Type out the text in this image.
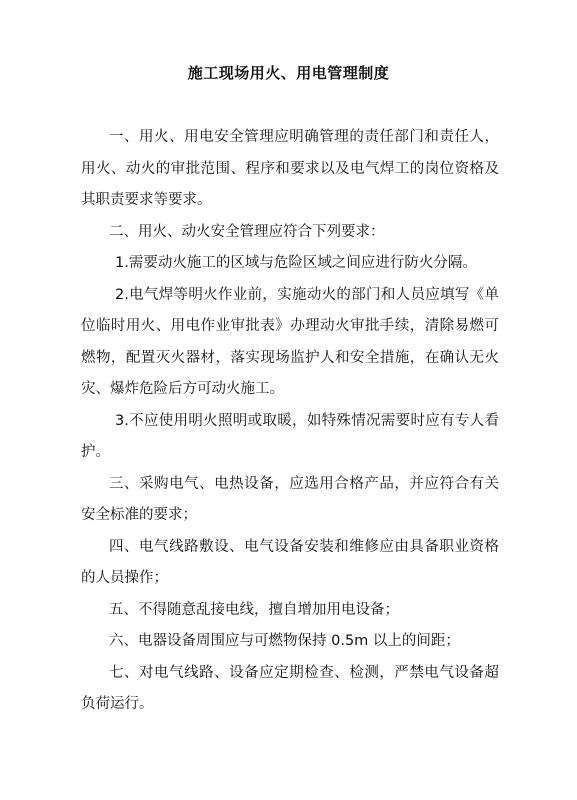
施工现场用火、用电管理制度

一、用火、用电安全管理应明确管理的责任部门和责任人，用火、动火的审批范围、程序和要求以及电气焊工的岗位资格及其职责要求等要求。

二、用火、动火安全管理应符合下列要求：

1.需要动火施工的区域与危险区域之间应进行防火分隔。

2.电气焊等明火作业前，实施动火的部门和人员应填写《单位临时用火、用电作业审批表》办理动火审批手续，清除易燃可燃物，配置灭火器材，落实现场监护人和安全措施，在确认无火灾、爆炸危险后方可动火施工。

3.不应使用明火照明或取暖，如特殊情况需要时应有专人看护。

三、采购电气、电热设备，应选用合格产品，并应符合有关安全标准的要求；

四、电气线路敷设、电气设备安装和维修应由具备职业资格的人员操作；

五、不得随意乱接电线，擅自增加用电设备；

六、电器设备周围应与可燃物保持 0.5m 以上的间距；

七、对电气线路、设备应定期检查、检测，严禁电气设备超负荷运行。
